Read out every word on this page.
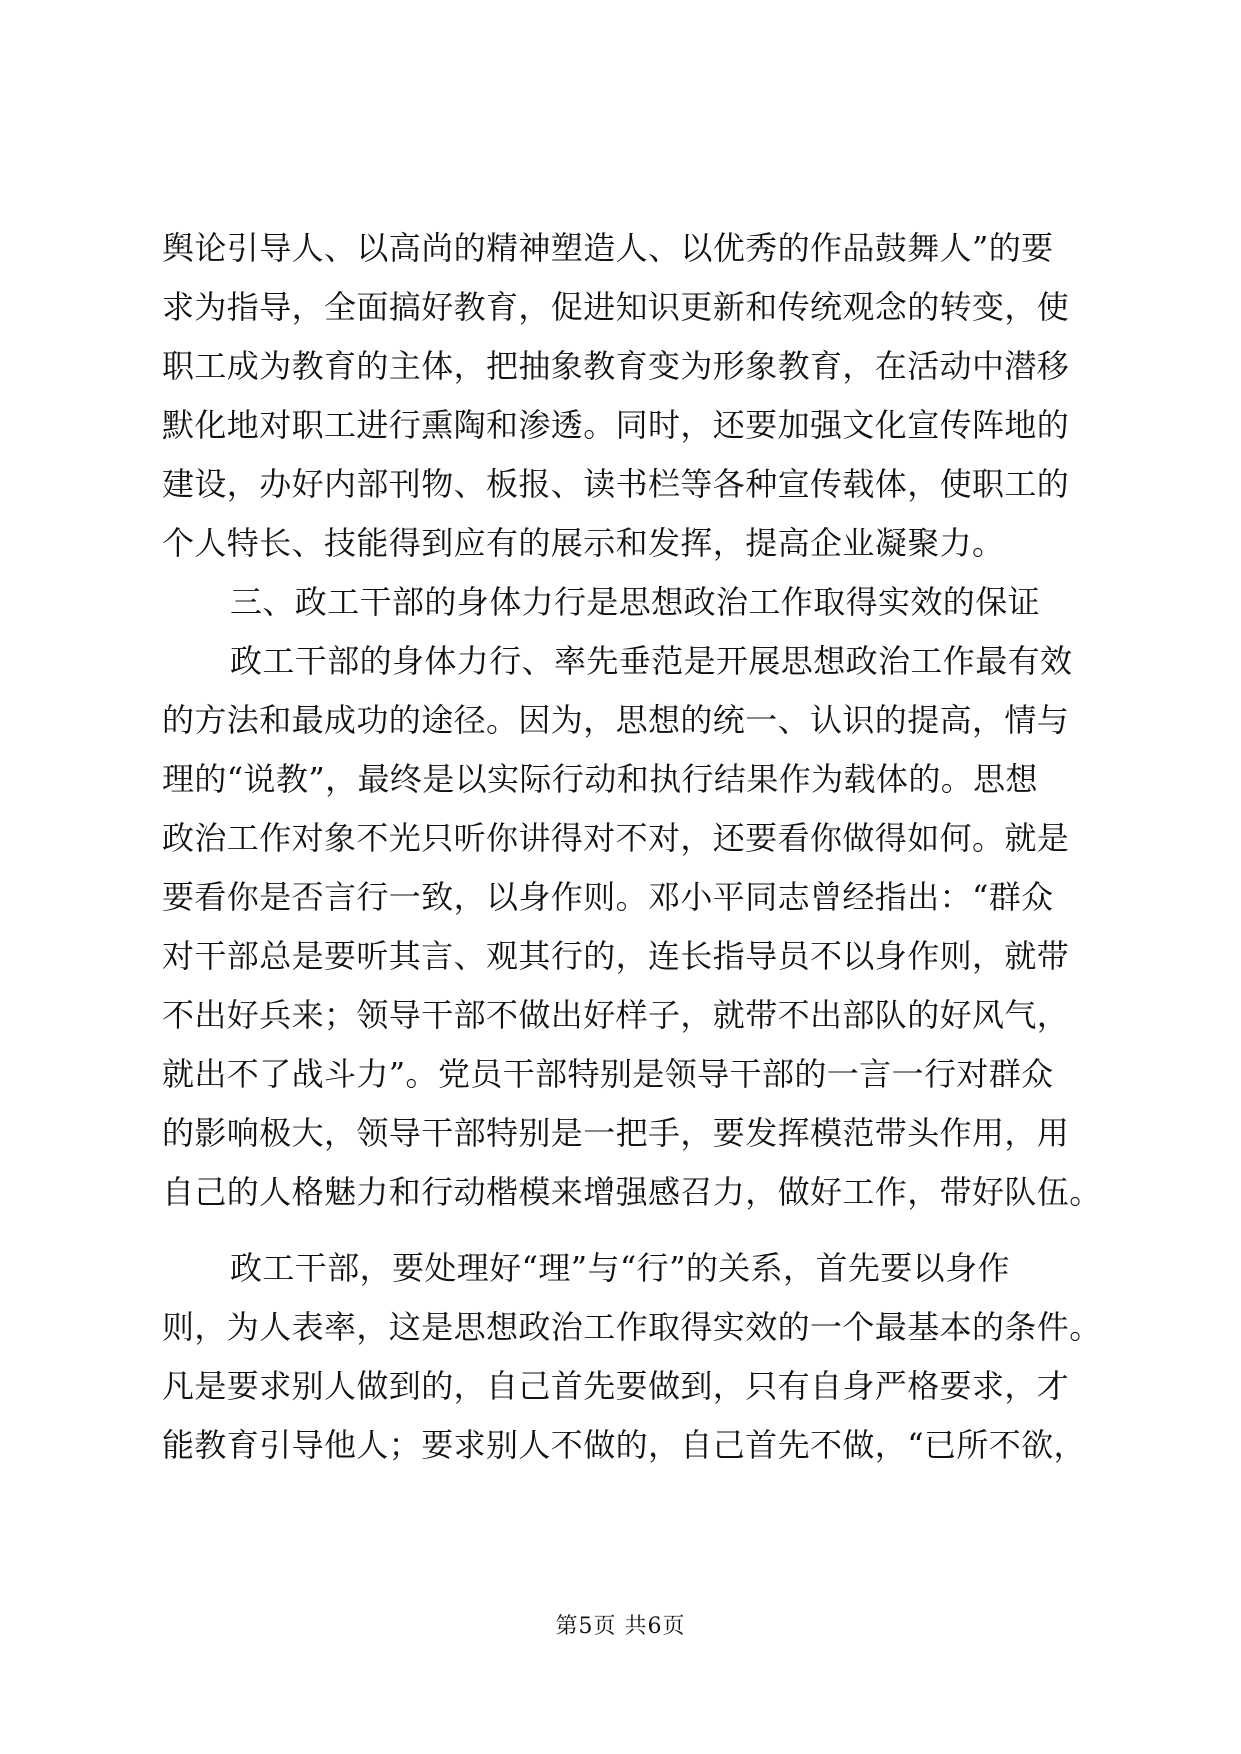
舆论引导人、以高尚的精神塑造人、以优秀的作品鼓舞人”的要
求为指导，全面搞好教育，促进知识更新和传统观念的转变，使
职工成为教育的主体，把抽象教育变为形象教育，在活动中潜移
默化地对职工进行熏陶和渗透。同时，还要加强文化宣传阵地的
建设，办好内部刊物、板报、读书栏等各种宣传载体，使职工的
个人特长、技能得到应有的展示和发挥，提高企业凝聚力。
三、政工干部的身体力行是思想政治工作取得实效的保证
政工干部的身体力行、率先垂范是开展思想政治工作最有效
的方法和最成功的途径。因为，思想的统一、认识的提高，情与
理的“说教”，最终是以实际行动和执行结果作为载体的。思想
政治工作对象不光只听你讲得对不对，还要看你做得如何。就是
要看你是否言行一致，以身作则。邓小平同志曾经指出：“群众
对干部总是要听其言、观其行的，连长指导员不以身作则，就带
不出好兵来；领导干部不做出好样子，就带不出部队的好风气，
就出不了战斗力”。党员干部特别是领导干部的一言一行对群众
的影响极大，领导干部特别是一把手，要发挥模范带头作用，用
自己的人格魅力和行动楷模来增强感召力，做好工作，带好队伍。
政工干部，要处理好“理”与“行”的关系，首先要以身作
则，为人表率，这是思想政治工作取得实效的一个最基本的条件。
凡是要求别人做到的，自己首先要做到，只有自身严格要求，才
能教育引导他人；要求别人不做的，自己首先不做，“已所不欲，
第5页 共6页
